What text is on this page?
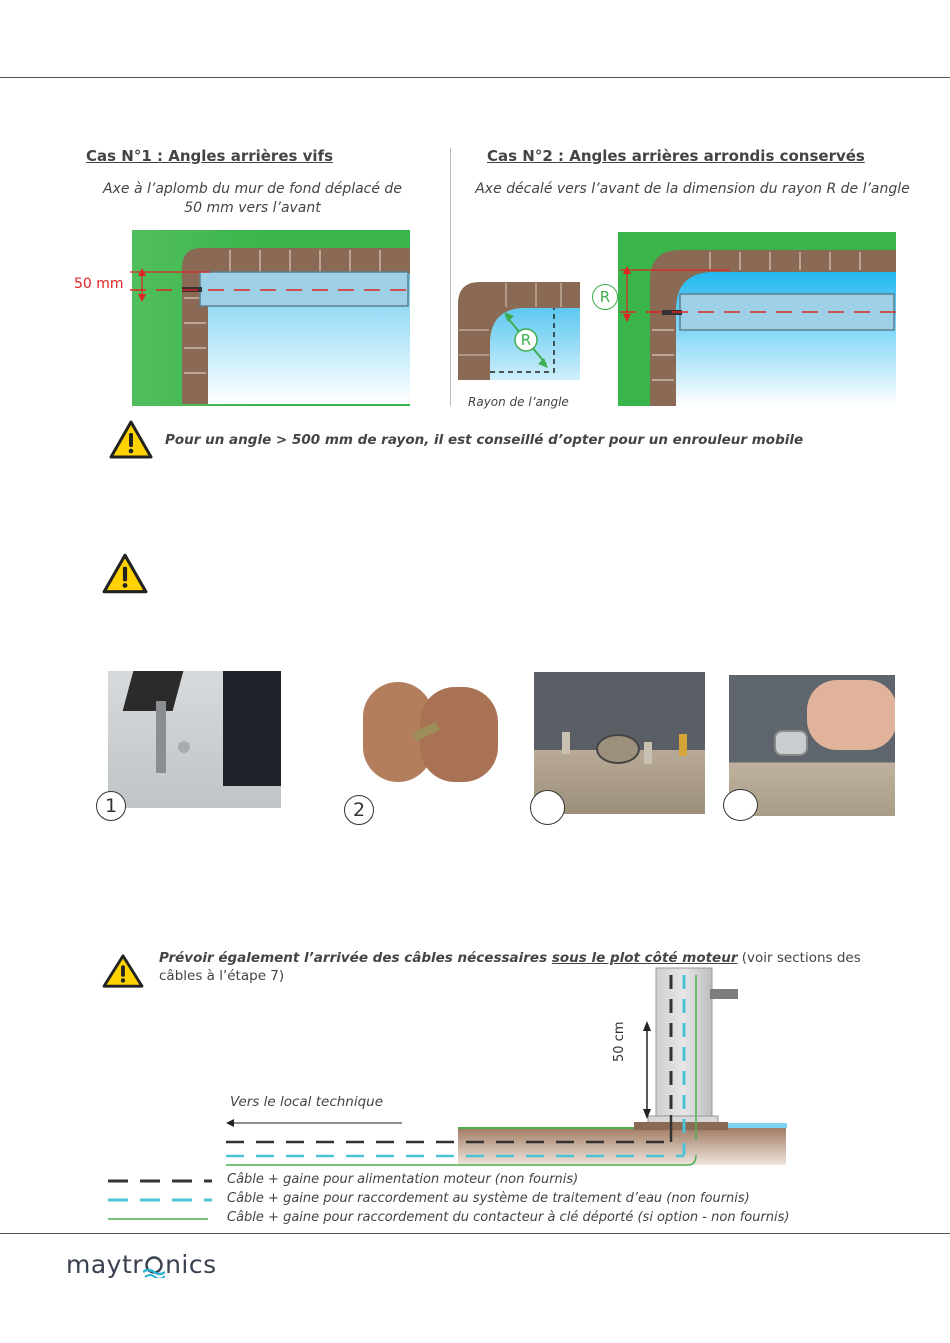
Cas N°1 : Angles arrières vifs
Axe à l’aplomb du mur de fond déplacé de
50 mm vers l’avant
50 mm
Cas N°2 : Angles arrières arrondis conservés
Axe décalé vers l’avant de la dimension du rayon R de l’angle
R
Rayon de l’angle
R
Pour un angle > 500 mm de rayon, il est conseillé d’opter pour un enrouleur mobile
1	2
Prévoir également l’arrivée des câbles nécessaires sous le plot côté moteur (voir sections des
câbles à l’étape 7)
Vers le local technique
50 cm
Câble + gaine pour alimentation moteur (non fournis)
Câble + gaine pour raccordement au système de traitement d’eau (non fournis)
Câble + gaine pour raccordement du contacteur à clé déporté (si option - non fournis)
maytr nics
